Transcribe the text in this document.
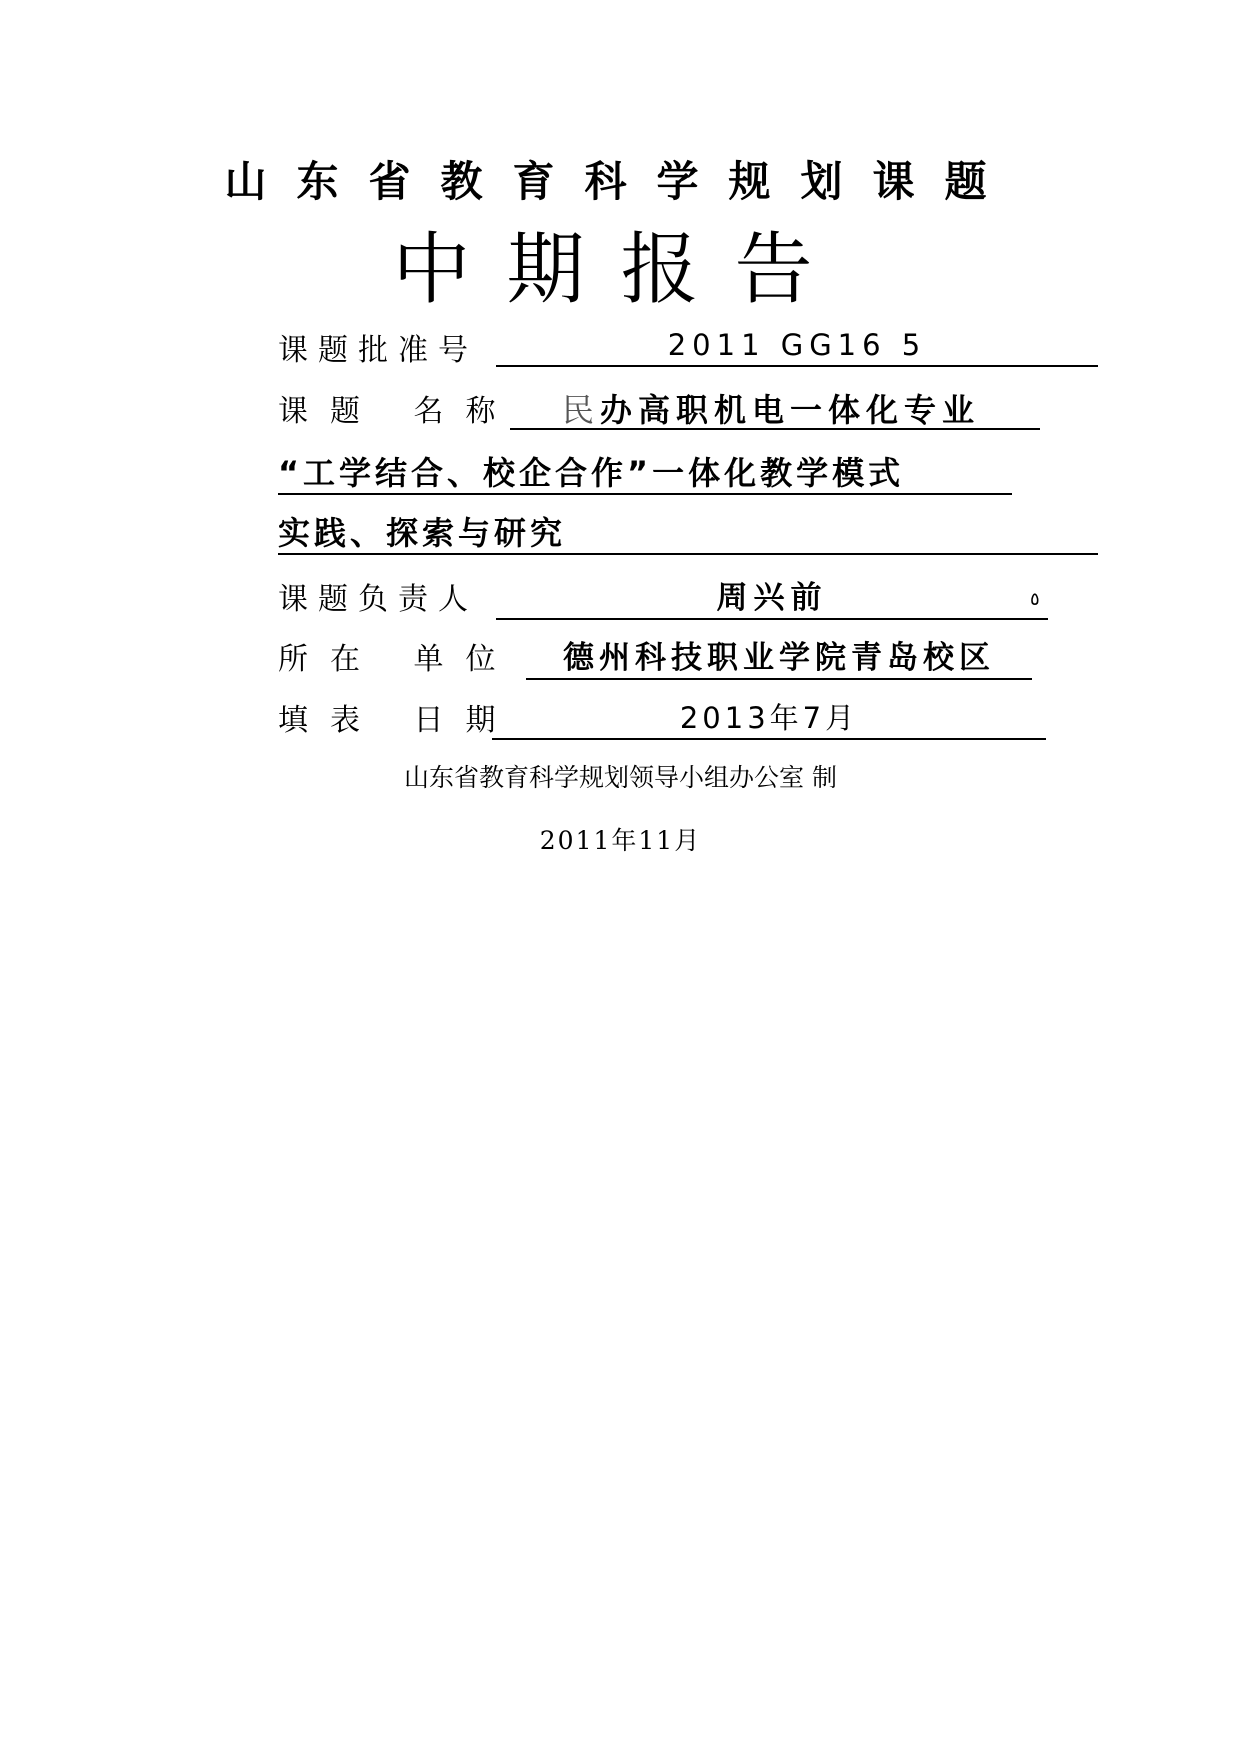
山东省教育科学规划课题
中期报告
课题批准号	2011 GG16 5
课题 名称	民办高职机电一体化专业
“工学结合、校企合作”一体化教学模式
实践、探索与研究
课题负责人	周兴前	٥
所在 单位	德州科技职业学院青岛校区
填表 日期	2013年7月
山东省教育科学规划领导小组办公室 制
2011年11月
